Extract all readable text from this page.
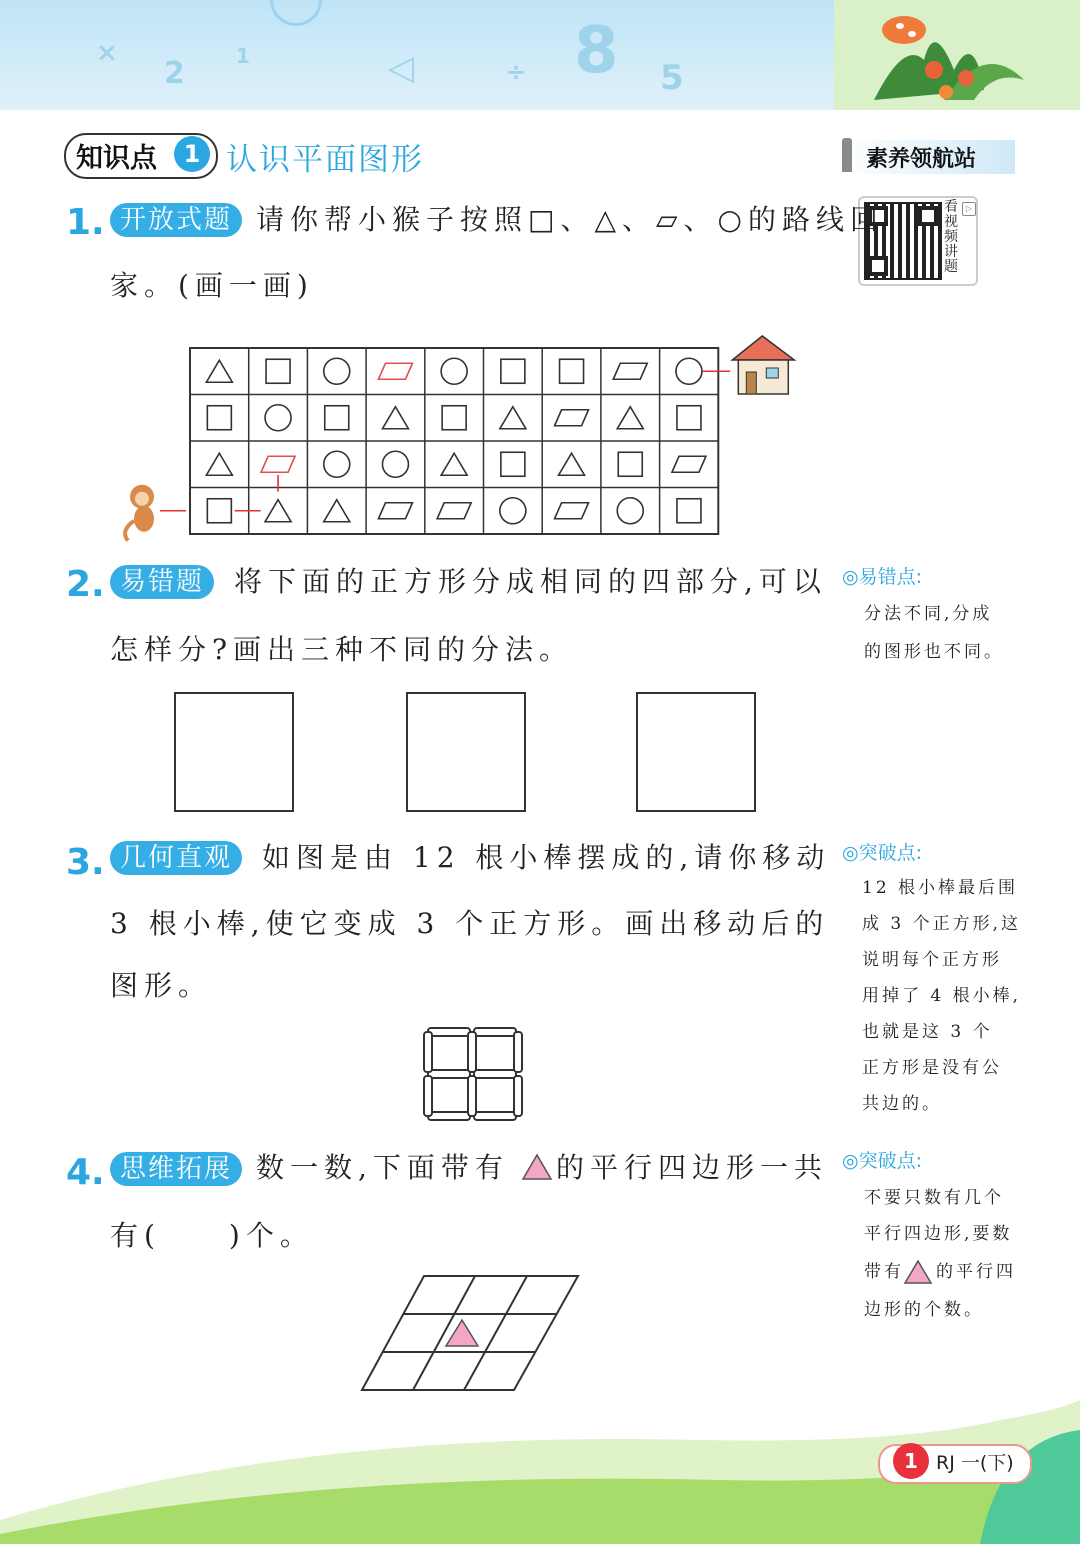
×
2	1	◁	÷ 8 5
知识点	1 认识平面图形	素养领航站
看视频讲题
▷
1. 开放式题 请你帮小猴子按照□、△、▱、○的路线回
家。(画一画)
2. 易错题	将下面的正方形分成相同的四部分,可以
怎样分?画出三种不同的分法。
◎易错点:
分法不同,分成
的图形也不同。
3. 几何直观	如图是由 12 根小棒摆成的,请你移动
3 根小棒,使它变成 3 个正方形。画出移动后的
图形。
◎突破点:
12 根小棒最后围
成 3 个正方形,这
说明每个正方形
用掉了 4 根小棒,
也就是这 3 个
正方形是没有公
共边的。
4. 思维拓展 数一数,下面带有 的平行四边形一共
有(　　)个。
◎突破点:
不要只数有几个
平行四边形,要数
带有 的平行四
边形的个数。
1 RJ 一(下)
